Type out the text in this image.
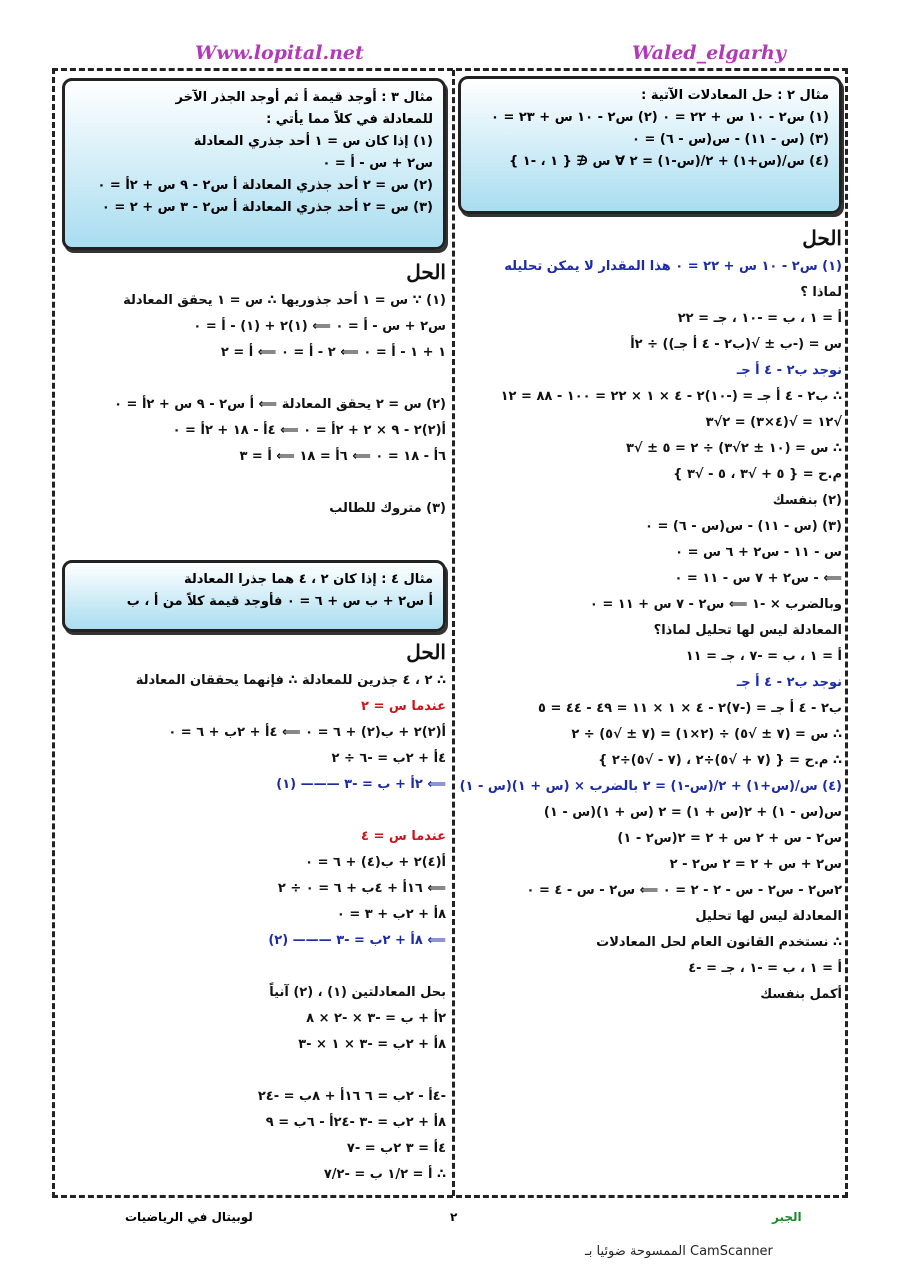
Www.lopital.net	Waled_elgarhy
مثال ٢ : حل المعادلات الآتية :
(١) س٢ - ١٠ س + ٢٢ = ٠ (٢) س٢ - ١٠ س + ٢٣ = ٠
(٣) (س - ١١) - س(س - ٦) = ٠
(٤) س/(س+١) + ٢/(س-١) = ٢ ∀ س ∉ { ١ ، -١ }
الحل
(١) س٢ - ١٠ س + ٢٢ = ٠ هذا المقدار لا يمكن تحليله
لماذا ؟
أ = ١ ، ب = -١٠ ، جـ = ٢٢
س = (-ب ± √(ب٢ - ٤ أ جـ)) ÷ ٢أ
نوجد ب٢ - ٤ أ جـ
∴ ب٢ - ٤ أ جـ = (-١٠)٢ - ٤ × ١ × ٢٢ = ١٠٠ - ٨٨ = ١٢
√١٢ = √(٤×٣) = ٢√٣
∴ س = (١٠ ± ٢√٣) ÷ ٢ = ٥ ± √٣
م.ح = { ٥ + √٣ ، ٥ - √٣ }
(٢) بنفسك
(٣) (س - ١١) - س(س - ٦) = ٠
س - ١١ - س٢ + ٦ س = ٠
⟸ - س٢ + ٧ س - ١١ = ٠
وبالضرب × -١ ⟸ س٢ - ٧ س + ١١ = ٠
المعادلة ليس لها تحليل لماذا؟
أ = ١ ، ب = -٧ ، جـ = ١١
نوجد ب٢ - ٤ أ جـ
ب٢ - ٤ أ جـ = (-٧)٢ - ٤ × ١ × ١١ = ٤٩ - ٤٤ = ٥
∴ س = (٧ ± √٥) ÷ (٢×١) = (٧ ± √٥) ÷ ٢
∴ م.ح = { (٧ + √٥)÷٢ ، (٧ - √٥)÷٢ }
(٤) س/(س+١) + ٢/(س-١) = ٢ بالضرب × (س + ١)(س - ١)
س(س - ١) + ٢(س + ١) = ٢ (س + ١)(س - ١)
س٢ - س + ٢ س + ٢ = ٢(س٢ - ١)
س٢ + س + ٢ = ٢ س٢ - ٢
٢س٢ - س٢ - س - ٢ - ٢ = ٠ ⟸ س٢ - س - ٤ = ٠
المعادلة ليس لها تحليل
∴ نستخدم القانون العام لحل المعادلات
أ = ١ ، ب = -١ ، جـ = -٤
أكمل بنفسك
مثال ٣ : أوجد قيمة أ ثم أوجد الجذر الآخر
للمعادلة في كلاً مما يأتي :
(١) إذا كان س = ١ أحد جذري المعادلة
س٢ + س - أ = ٠
(٢) س = ٢ أحد جذري المعادلة أ س٢ - ٩ س + ٢أ = ٠
(٣) س = ٢ أحد جذري المعادلة أ س٢ - ٣ س + ٢ = ٠
الحل
(١) ∵ س = ١ أحد جذوريها ∴ س = ١ يحقق المعادلة
س٢ + س - أ = ٠ ⟸ (١)٢ + (١) - أ = ٠
١ + ١ - أ = ٠ ⟸ ٢ - أ = ٠ ⟸ أ = ٢
(٢) س = ٢ يحقق المعادلة ⟸ أ س٢ - ٩ س + ٢أ = ٠
أ(٢)٢ - ٩ × ٢ + ٢أ = ٠ ⟸ ٤أ - ١٨ + ٢أ = ٠
٦أ - ١٨ = ٠ ⟸ ٦أ = ١٨ ⟸ أ = ٣
(٣) متروك للطالب
مثال ٤ : إذا كان ٢ ، ٤ هما جذرا المعادلة
أ س٢ + ب س + ٦ = ٠ فأوجد قيمة كلاً من أ ، ب
الحل
∴ ٢ ، ٤ جذرين للمعادلة ∴ فإنهما يحققان المعادلة
عندما س = ٢
أ(٢)٢ + ب(٢) + ٦ = ٠ ⟸ ٤أ + ٢ب + ٦ = ٠
٤أ + ٢ب = -٦ ÷ ٢
⟸ ٢أ + ب = -٣ ——— (١)
عندما س = ٤
أ(٤)٢ + ب(٤) + ٦ = ٠
⟸ ١٦أ + ٤ب + ٦ = ٠ ÷ ٢
٨أ + ٢ب + ٣ = ٠
⟸ ٨أ + ٢ب = -٣ ——— (٢)
بحل المعادلتين (١) ، (٢) آنياً
٢أ + ب = -٣ × -٢ × ٨
٨أ + ٢ب = -٣ × ١ × -٣
-٤أ - ٢ب = ٦ ١٦أ + ٨ب = -٢٤
٨أ + ٢ب = -٣ -٢٤أ - ٦ب = ٩
٤أ = ٣ ٢ب = -٧
∴ أ = ١/٢ ب = -٧/٢
لوبيتال في الرياضيات	٢	الجبر
الممسوحة ضوئيا بـ CamScanner
